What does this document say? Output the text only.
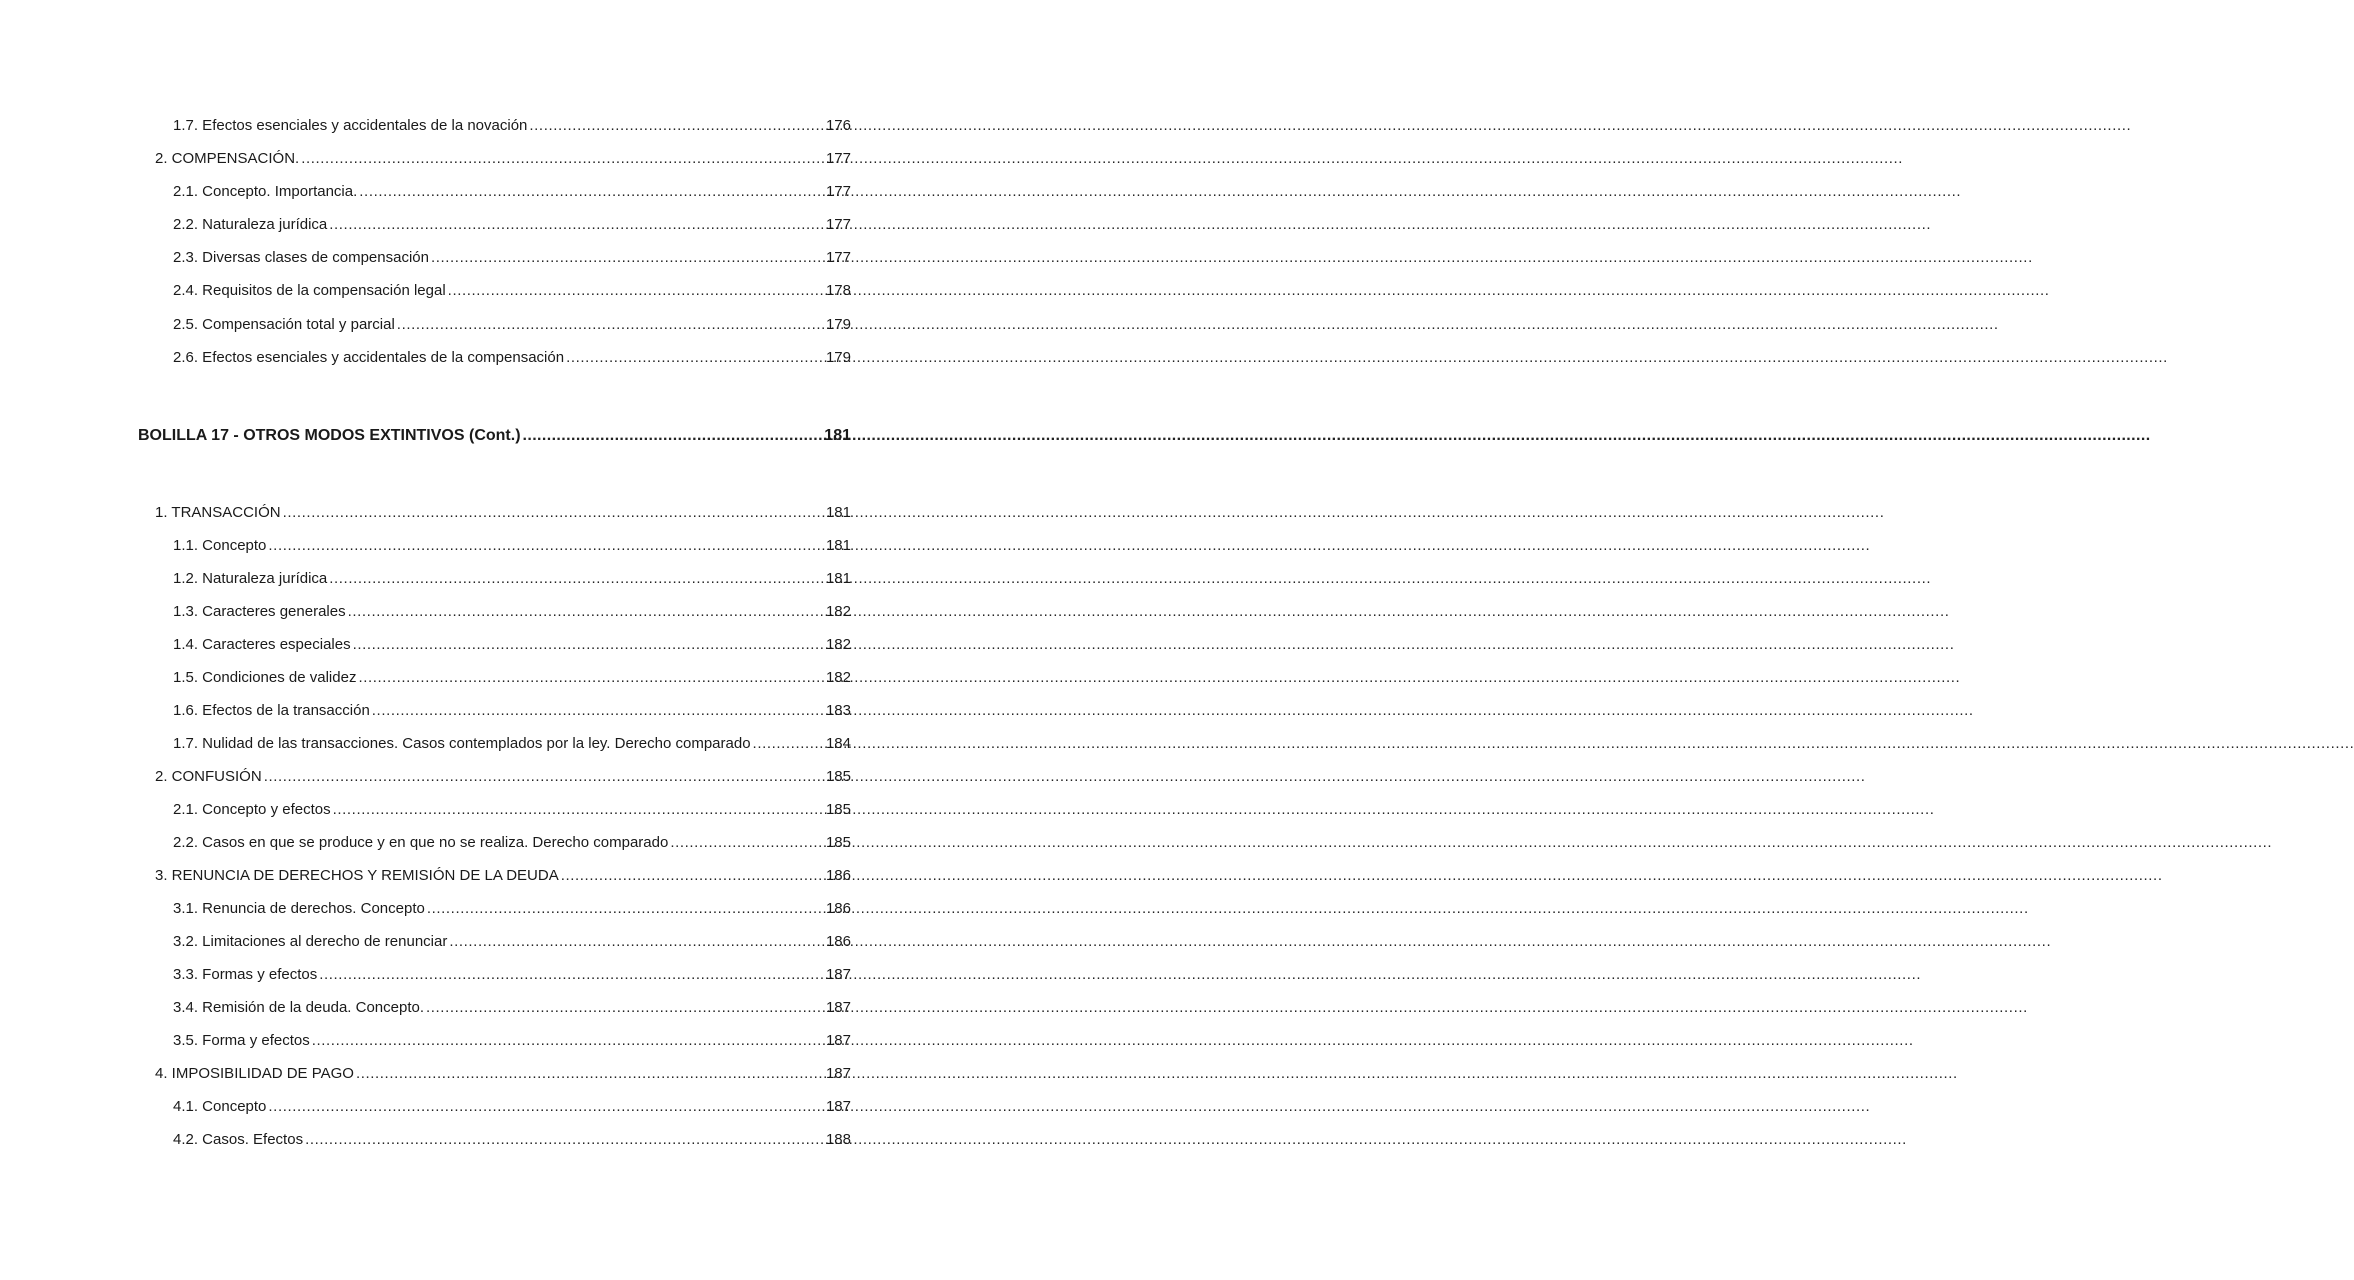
1.7. Efectos esenciales y accidentales de la novación .....	176
2. COMPENSACIÓN. .....	177
2.1. Concepto. Importancia. .....	177
2.2. Naturaleza jurídica .....	177
2.3. Diversas clases de compensación .....	177
2.4. Requisitos de la compensación legal .....	178
2.5. Compensación total y parcial .....	179
2.6. Efectos esenciales y accidentales de la compensación .....	179
BOLILLA 17 - OTROS MODOS EXTINTIVOS (Cont.) .....	181
1. TRANSACCIÓN .....	181
1.1. Concepto .....	181
1.2. Naturaleza jurídica .....	181
1.3. Caracteres generales .....	182
1.4. Caracteres especiales .....	182
1.5. Condiciones de validez .....	182
1.6. Efectos de la transacción .....	183
1.7. Nulidad de las transacciones. Casos contemplados por la ley. Derecho comparado .....	184
2. CONFUSIÓN .....	185
2.1. Concepto y efectos .....	185
2.2. Casos en que se produce y en que no se realiza. Derecho comparado .....	185
3. RENUNCIA DE DERECHOS Y REMISIÓN DE LA DEUDA .....	186
3.1. Renuncia de derechos. Concepto .....	186
3.2. Limitaciones al derecho de renunciar .....	186
3.3. Formas y efectos .....	187
3.4. Remisión de la deuda. Concepto. .....	187
3.5. Forma y efectos .....	187
4. IMPOSIBILIDAD DE PAGO .....	187
4.1. Concepto .....	187
4.2. Casos. Efectos .....	188
